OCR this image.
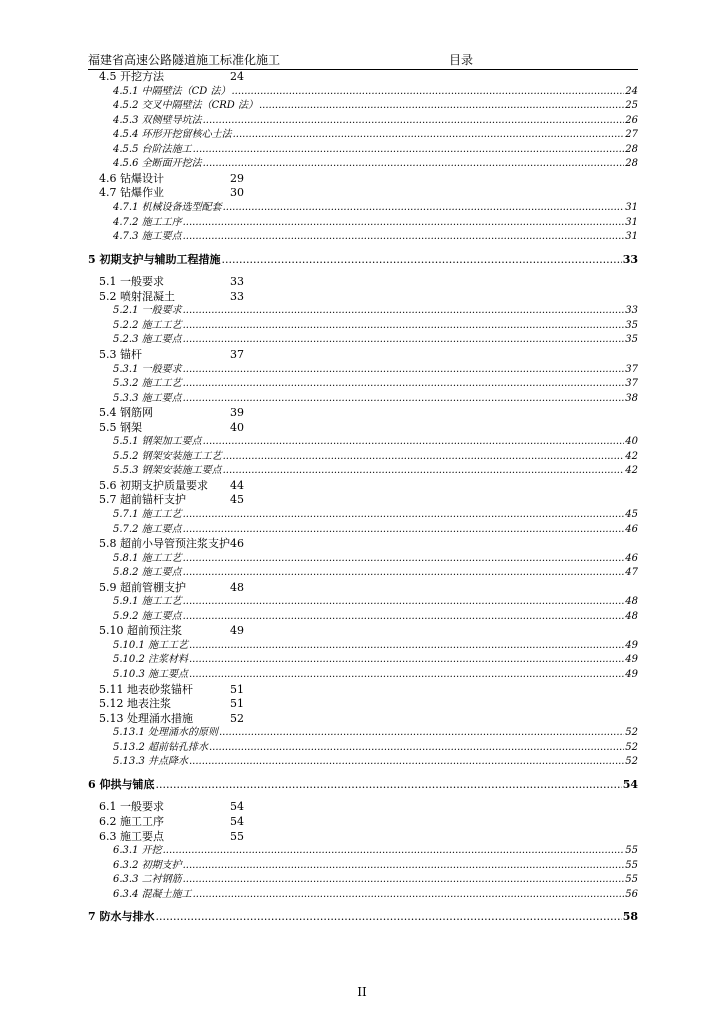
福建省高速公路隧道施工标准化施工	目录
4.5 开挖方法	24
4.5.1 中隔壁法（CD 法） .....	24
4.5.2 交叉中隔壁法（CRD 法） .....	25
4.5.3 双侧壁导坑法 .....	26
4.5.4 环形开挖留核心土法 .....	27
4.5.5 台阶法施工 .....	28
4.5.6 全断面开挖法 .....	28
4.6 钻爆设计	29
4.7 钻爆作业	30
4.7.1 机械设备选型配套 .....	31
4.7.2 施工工序 .....	31
4.7.3 施工要点 .....	31
5 初期支护与辅助工程措施 .....	33
5.1 一般要求	33
5.2 喷射混凝土	33
5.2.1 一般要求 .....	33
5.2.2 施工工艺 .....	35
5.2.3 施工要点 .....	35
5.3 锚杆	37
5.3.1 一般要求 .....	37
5.3.2 施工工艺 .....	37
5.3.3 施工要点 .....	38
5.4 钢筋网	39
5.5 钢架	40
5.5.1 钢架加工要点 .....	40
5.5.2 钢架安装施工工艺 .....	42
5.5.3 钢架安装施工要点 .....	42
5.6 初期支护质量要求 44
5.7 超前锚杆支护	45
5.7.1 施工工艺 .....	45
5.7.2 施工要点 .....	46
5.8 超前小导管预注浆支护 46
5.8.1 施工工艺 .....	46
5.8.2 施工要点 .....	47
5.9 超前管棚支护	48
5.9.1 施工工艺 .....	48
5.9.2 施工要点 .....	48
5.10 超前预注浆	49
5.10.1 施工工艺 .....	49
5.10.2 注浆材料 .....	49
5.10.3 施工要点 .....	49
5.11 地表砂浆锚杆	51
5.12 地表注浆	51
5.13 处理涌水措施	52
5.13.1 处理涌水的原则 .....	52
5.13.2 超前钻孔排水 .....	52
5.13.3 井点降水 .....	52
6 仰拱与铺底 .....	54
6.1 一般要求	54
6.2 施工工序	54
6.3 施工要点	55
6.3.1 开挖 .....	55
6.3.2 初期支护 .....	55
6.3.3 二衬钢筋 .....	55
6.3.4 混凝土施工 .....	56
7 防水与排水 .....	58
II
